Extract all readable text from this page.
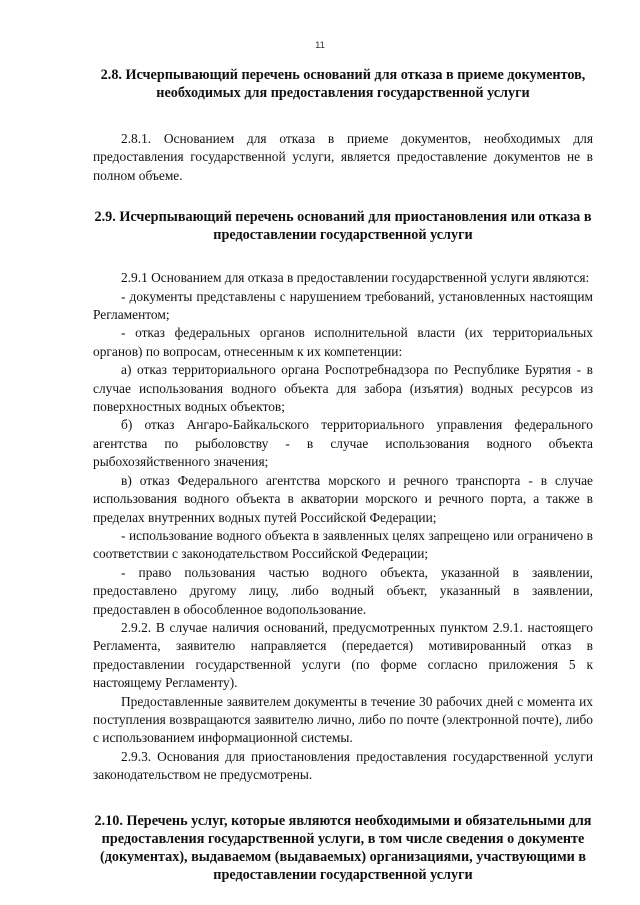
11
2.8. Исчерпывающий перечень оснований для отказа в приеме документов, необходимых для предоставления государственной услуги

2.8.1. Основанием для отказа в приеме документов, необходимых для предоставления государственной услуги, является предоставление документов не в полном объеме.

2.9. Исчерпывающий перечень оснований для приостановления или отказа в предоставлении государственной услуги

2.9.1 Основанием для отказа в предоставлении государственной услуги являются:

- документы представлены с нарушением требований, установленных настоящим Регламентом;

- отказ федеральных органов исполнительной власти (их территориальных органов) по вопросам, отнесенным к их компетенции:

а) отказ территориального органа Роспотребнадзора по Республике Бурятия - в случае использования водного объекта для забора (изъятия) водных ресурсов из поверхностных водных объектов;

б) отказ Ангаро-Байкальского территориального управления федерального агентства по рыболовству - в случае использования водного объекта рыбохозяйственного значения;

в) отказ Федерального агентства морского и речного транспорта - в случае использования водного объекта в акватории морского и речного порта, а также в пределах внутренних водных путей Российской Федерации;

- использование водного объекта в заявленных целях запрещено или ограничено в соответствии с законодательством Российской Федерации;

- право пользования частью водного объекта, указанной в заявлении, предоставлено другому лицу, либо водный объект, указанный в заявлении, предоставлен в обособленное водопользование.

2.9.2. В случае наличия оснований, предусмотренных пунктом 2.9.1. настоящего Регламента, заявителю направляется (передается) мотивированный отказ в предоставлении государственной услуги (по форме согласно приложения 5 к настоящему Регламенту).

Предоставленные заявителем документы в течение 30 рабочих дней с момента их поступления возвращаются заявителю лично, либо по почте (электронной почте), либо с использованием информационной системы.

2.9.3. Основания для приостановления предоставления государственной услуги законодательством не предусмотрены.

2.10. Перечень услуг, которые являются необходимыми и обязательными для предоставления государственной услуги, в том числе сведения о документе (документах), выдаваемом (выдаваемых) организациями, участвующими в предоставлении государственной услуги
